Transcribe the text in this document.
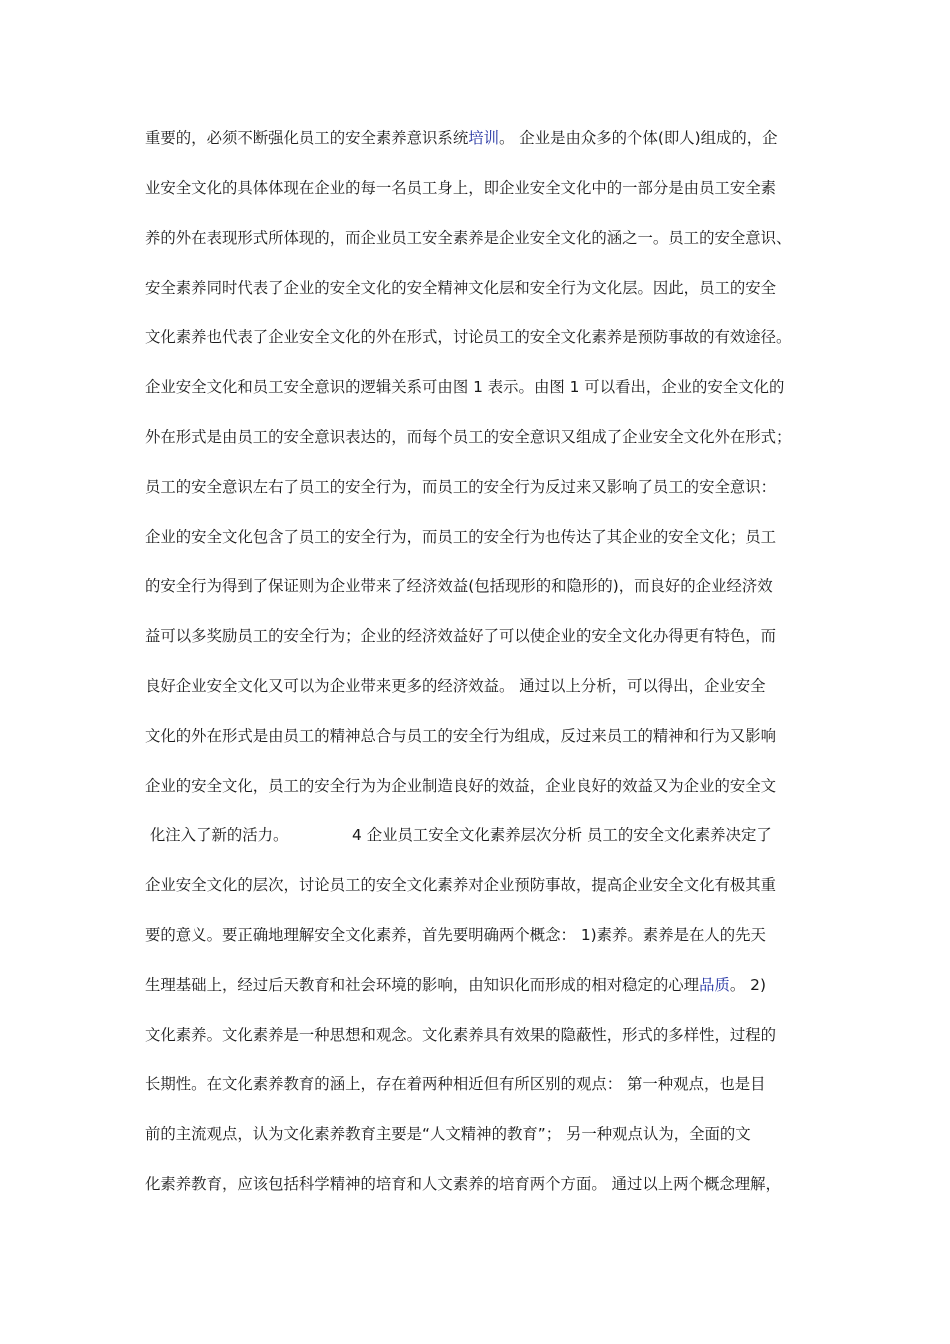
重要的，必须不断强化员工的安全素养意识系统培训。 企业是由众多的个体(即人)组成的，企
业安全文化的具体体现在企业的每一名员工身上，即企业安全文化中的一部分是由员工安全素
养的外在表现形式所体现的，而企业员工安全素养是企业安全文化的涵之一。员工的安全意识、
安全素养同时代表了企业的安全文化的安全精神文化层和安全行为文化层。因此，员工的安全
文化素养也代表了企业安全文化的外在形式，讨论员工的安全文化素养是预防事故的有效途径。
企业安全文化和员工安全意识的逻辑关系可由图 1 表示。由图 1 可以看出，企业的安全文化的
外在形式是由员工的安全意识表达的，而每个员工的安全意识又组成了企业安全文化外在形式；
员工的安全意识左右了员工的安全行为，而员工的安全行为反过来又影响了员工的安全意识：
企业的安全文化包含了员工的安全行为，而员工的安全行为也传达了其企业的安全文化；员工
的安全行为得到了保证则为企业带来了经济效益(包括现形的和隐形的)，而良好的企业经济效
益可以多奖励员工的安全行为；企业的经济效益好了可以使企业的安全文化办得更有特色，而
良好企业安全文化又可以为企业带来更多的经济效益。 通过以上分析，可以得出，企业安全
文化的外在形式是由员工的精神总合与员工的安全行为组成，反过来员工的精神和行为又影响
企业的安全文化，员工的安全行为为企业制造良好的效益，企业良好的效益又为企业的安全文
化注入了新的活力。             4 企业员工安全文化素养层次分析 员工的安全文化素养决定了
企业安全文化的层次，讨论员工的安全文化素养对企业预防事故，提高企业安全文化有极其重
要的意义。要正确地理解安全文化素养，首先要明确两个概念： 1)素养。素养是在人的先天
生理基础上，经过后天教育和社会环境的影响，由知识化而形成的相对稳定的心理品质。 2)
文化素养。文化素养是一种思想和观念。文化素养具有效果的隐蔽性，形式的多样性，过程的
长期性。在文化素养教育的涵上，存在着两种相近但有所区别的观点： 第一种观点，也是目
前的主流观点，认为文化素养教育主要是“人文精神的教育”； 另一种观点认为，全面的文
化素养教育，应该包括科学精神的培育和人文素养的培育两个方面。 通过以上两个概念理解，
